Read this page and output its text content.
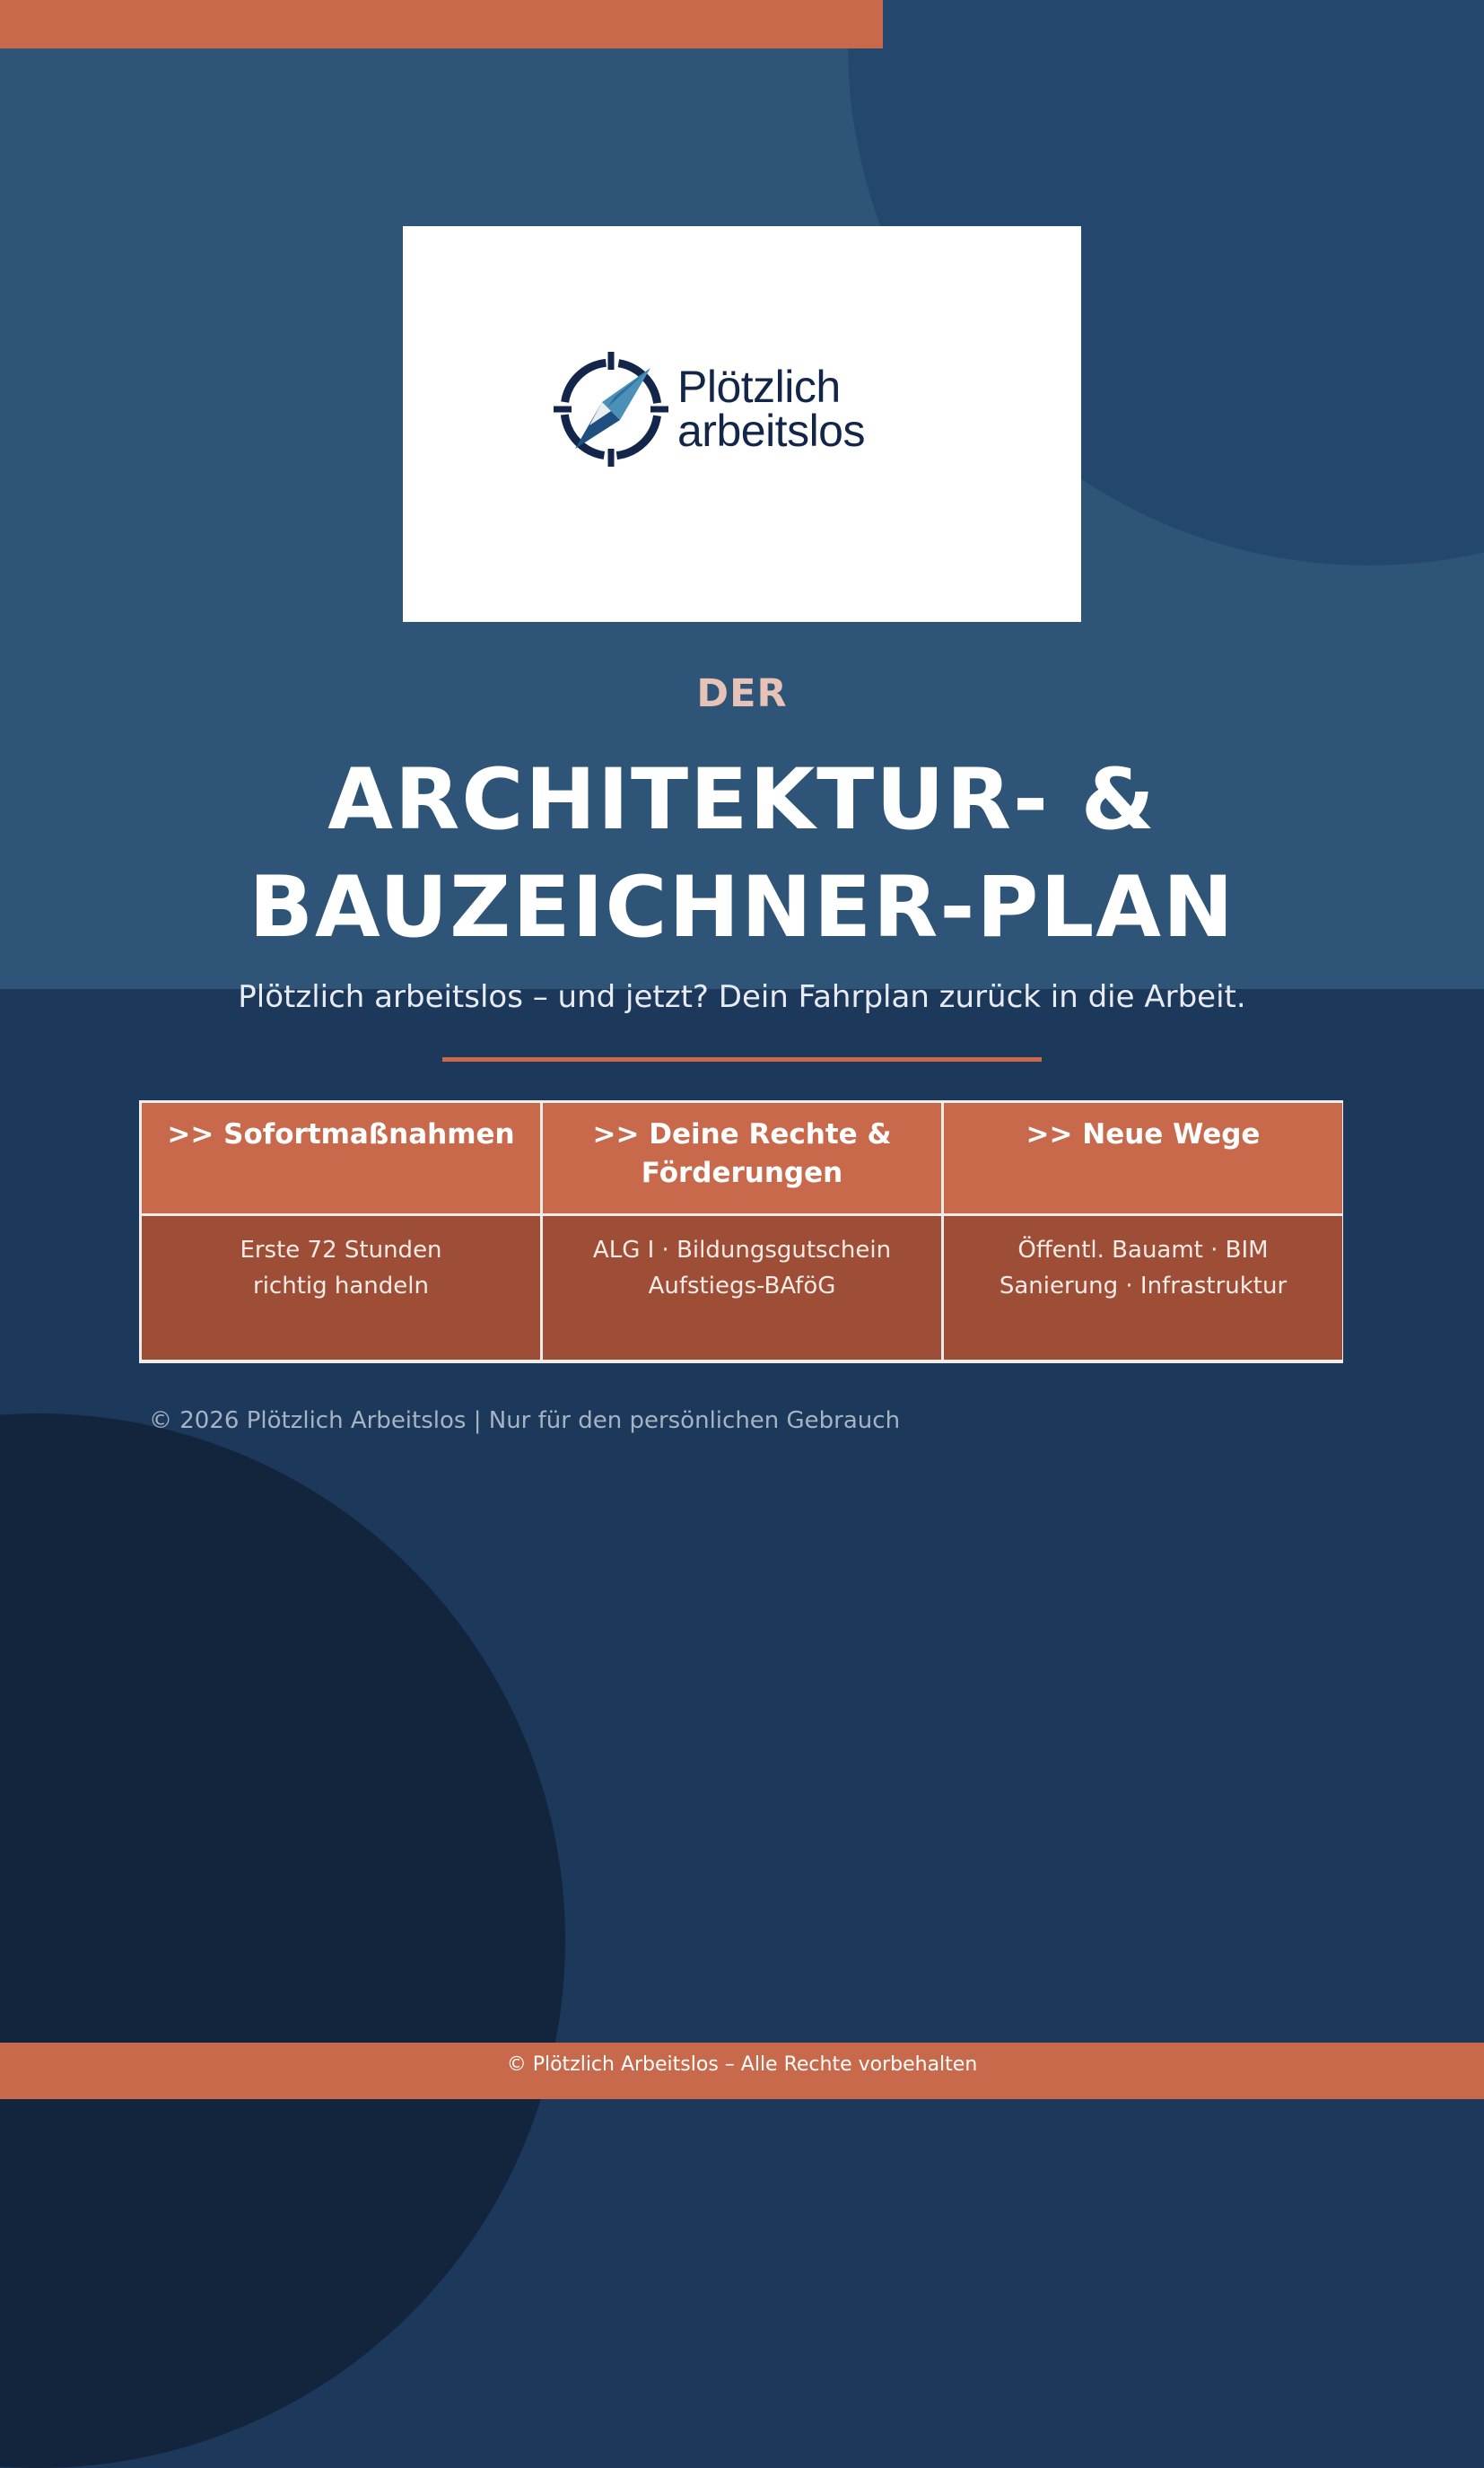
Plötzlich
arbeitslos
DER
ARCHITEKTUR- &
BAUZEICHNER-PLAN
Plötzlich arbeitslos – und jetzt? Dein Fahrplan zurück in die Arbeit.
>> Sofortmaßnahmen	>> Deine Rechte & Förderungen
>> Neue Wege
Erste 72 Stunden
richtig handeln
ALG I · Bildungsgutschein
Aufstiegs-BAföG
Öffentl. Bauamt · BIM
Sanierung · Infrastruktur
© 2026 Plötzlich Arbeitslos | Nur für den persönlichen Gebrauch
© Plötzlich Arbeitslos – Alle Rechte vorbehalten
